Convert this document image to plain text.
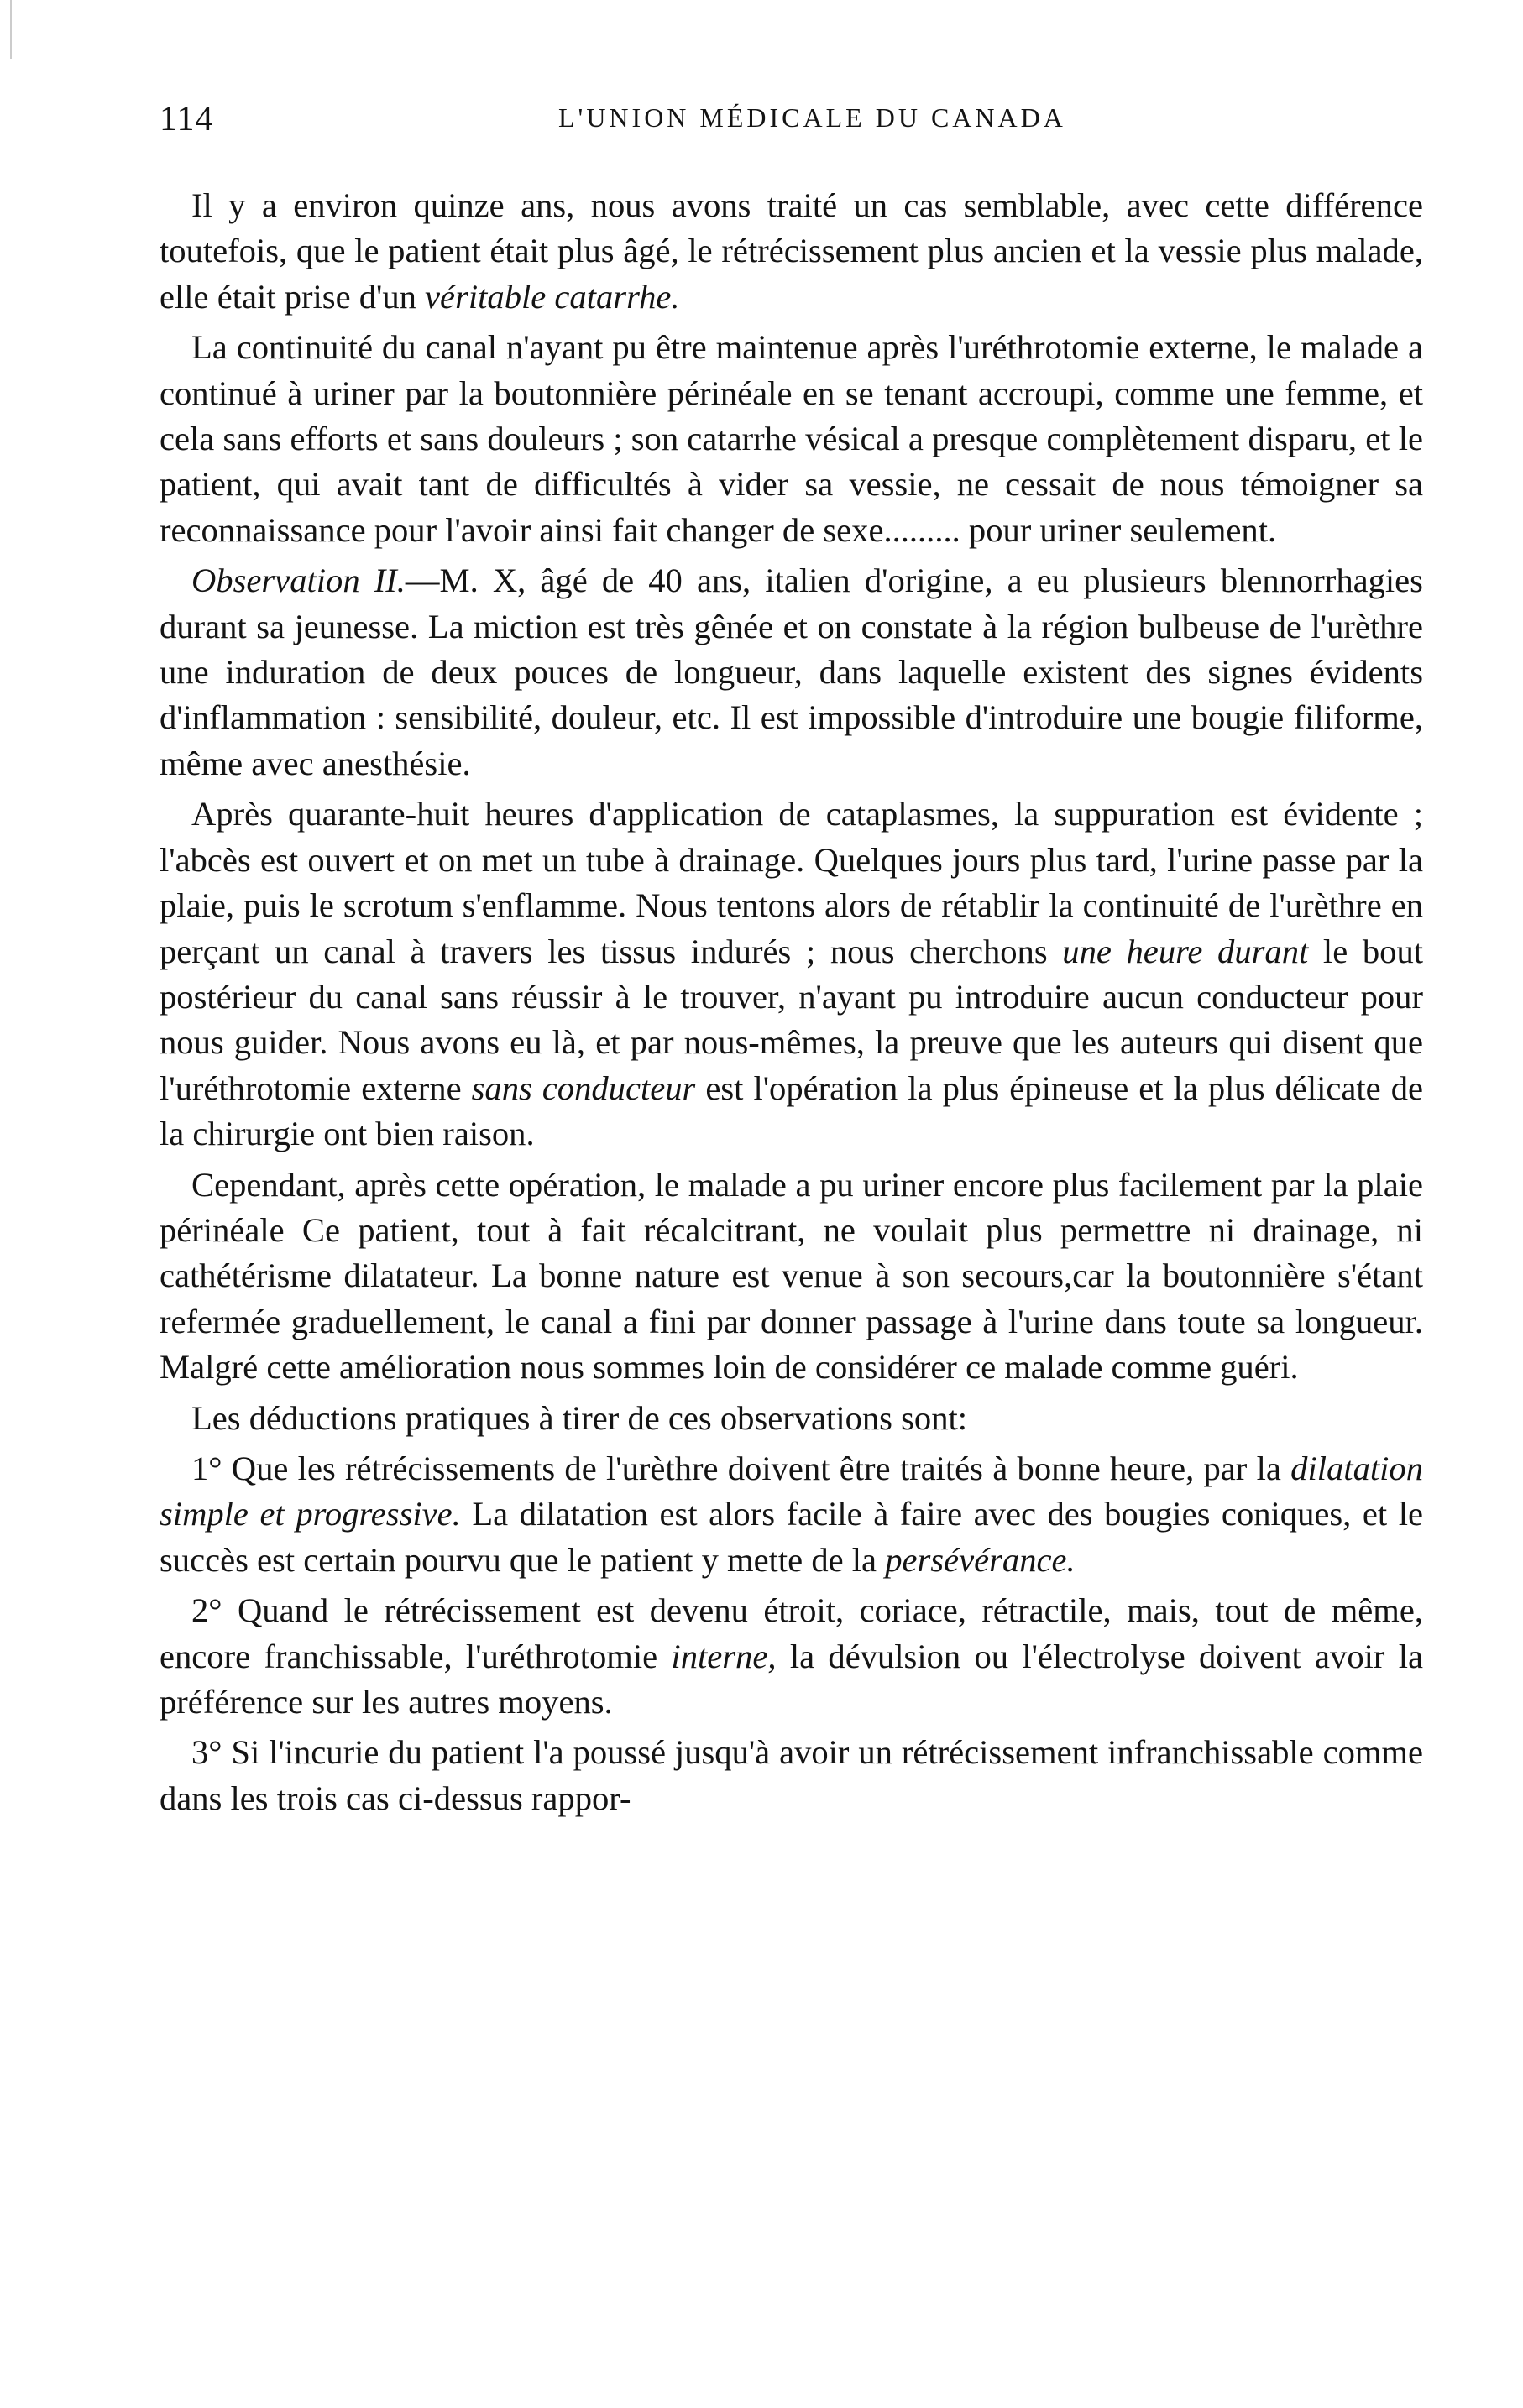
114	L'UNION MÉDICALE DU CANADA

Il y a environ quinze ans, nous avons traité un cas semblable, avec cette différence toutefois, que le patient était plus âgé, le rétrécissement plus ancien et la vessie plus malade, elle était prise d'un véritable catarrhe.

La continuité du canal n'ayant pu être maintenue après l'uréthrotomie externe, le malade a continué à uriner par la boutonnière périnéale en se tenant accroupi, comme une femme, et cela sans efforts et sans douleurs ; son catarrhe vésical a presque complètement disparu, et le patient, qui avait tant de difficultés à vider sa vessie, ne cessait de nous témoigner sa reconnaissance pour l'avoir ainsi fait changer de sexe......... pour uriner seulement.

Observation II.—M. X, âgé de 40 ans, italien d'origine, a eu plusieurs blennorrhagies durant sa jeunesse. La miction est très gênée et on constate à la région bulbeuse de l'urèthre une induration de deux pouces de longueur, dans laquelle existent des signes évidents d'inflammation : sensibilité, douleur, etc. Il est impossible d'introduire une bougie filiforme, même avec anesthésie.

Après quarante-huit heures d'application de cataplasmes, la suppuration est évidente ; l'abcès est ouvert et on met un tube à drainage. Quelques jours plus tard, l'urine passe par la plaie, puis le scrotum s'enflamme. Nous tentons alors de rétablir la continuité de l'urèthre en perçant un canal à travers les tissus indurés ; nous cherchons une heure durant le bout postérieur du canal sans réussir à le trouver, n'ayant pu introduire aucun conducteur pour nous guider. Nous avons eu là, et par nous-mêmes, la preuve que les auteurs qui disent que l'uréthrotomie externe sans conducteur est l'opération la plus épineuse et la plus délicate de la chirurgie ont bien raison.

Cependant, après cette opération, le malade a pu uriner encore plus facilement par la plaie périnéale Ce patient, tout à fait récalcitrant, ne voulait plus permettre ni drainage, ni cathétérisme dilatateur. La bonne nature est venue à son secours,car la boutonnière s'étant refermée graduellement, le canal a fini par donner passage à l'urine dans toute sa longueur. Malgré cette amélioration nous sommes loin de considérer ce malade comme guéri.

Les déductions pratiques à tirer de ces observations sont:

1° Que les rétrécissements de l'urèthre doivent être traités à bonne heure, par la dilatation simple et progressive. La dilatation est alors facile à faire avec des bougies coniques, et le succès est certain pourvu que le patient y mette de la persévérance.

2° Quand le rétrécissement est devenu étroit, coriace, rétractile, mais, tout de même, encore franchissable, l'uréthrotomie interne, la dévulsion ou l'électrolyse doivent avoir la préférence sur les autres moyens.

3° Si l'incurie du patient l'a poussé jusqu'à avoir un rétrécissement infranchissable comme dans les trois cas ci-dessus rappor-
